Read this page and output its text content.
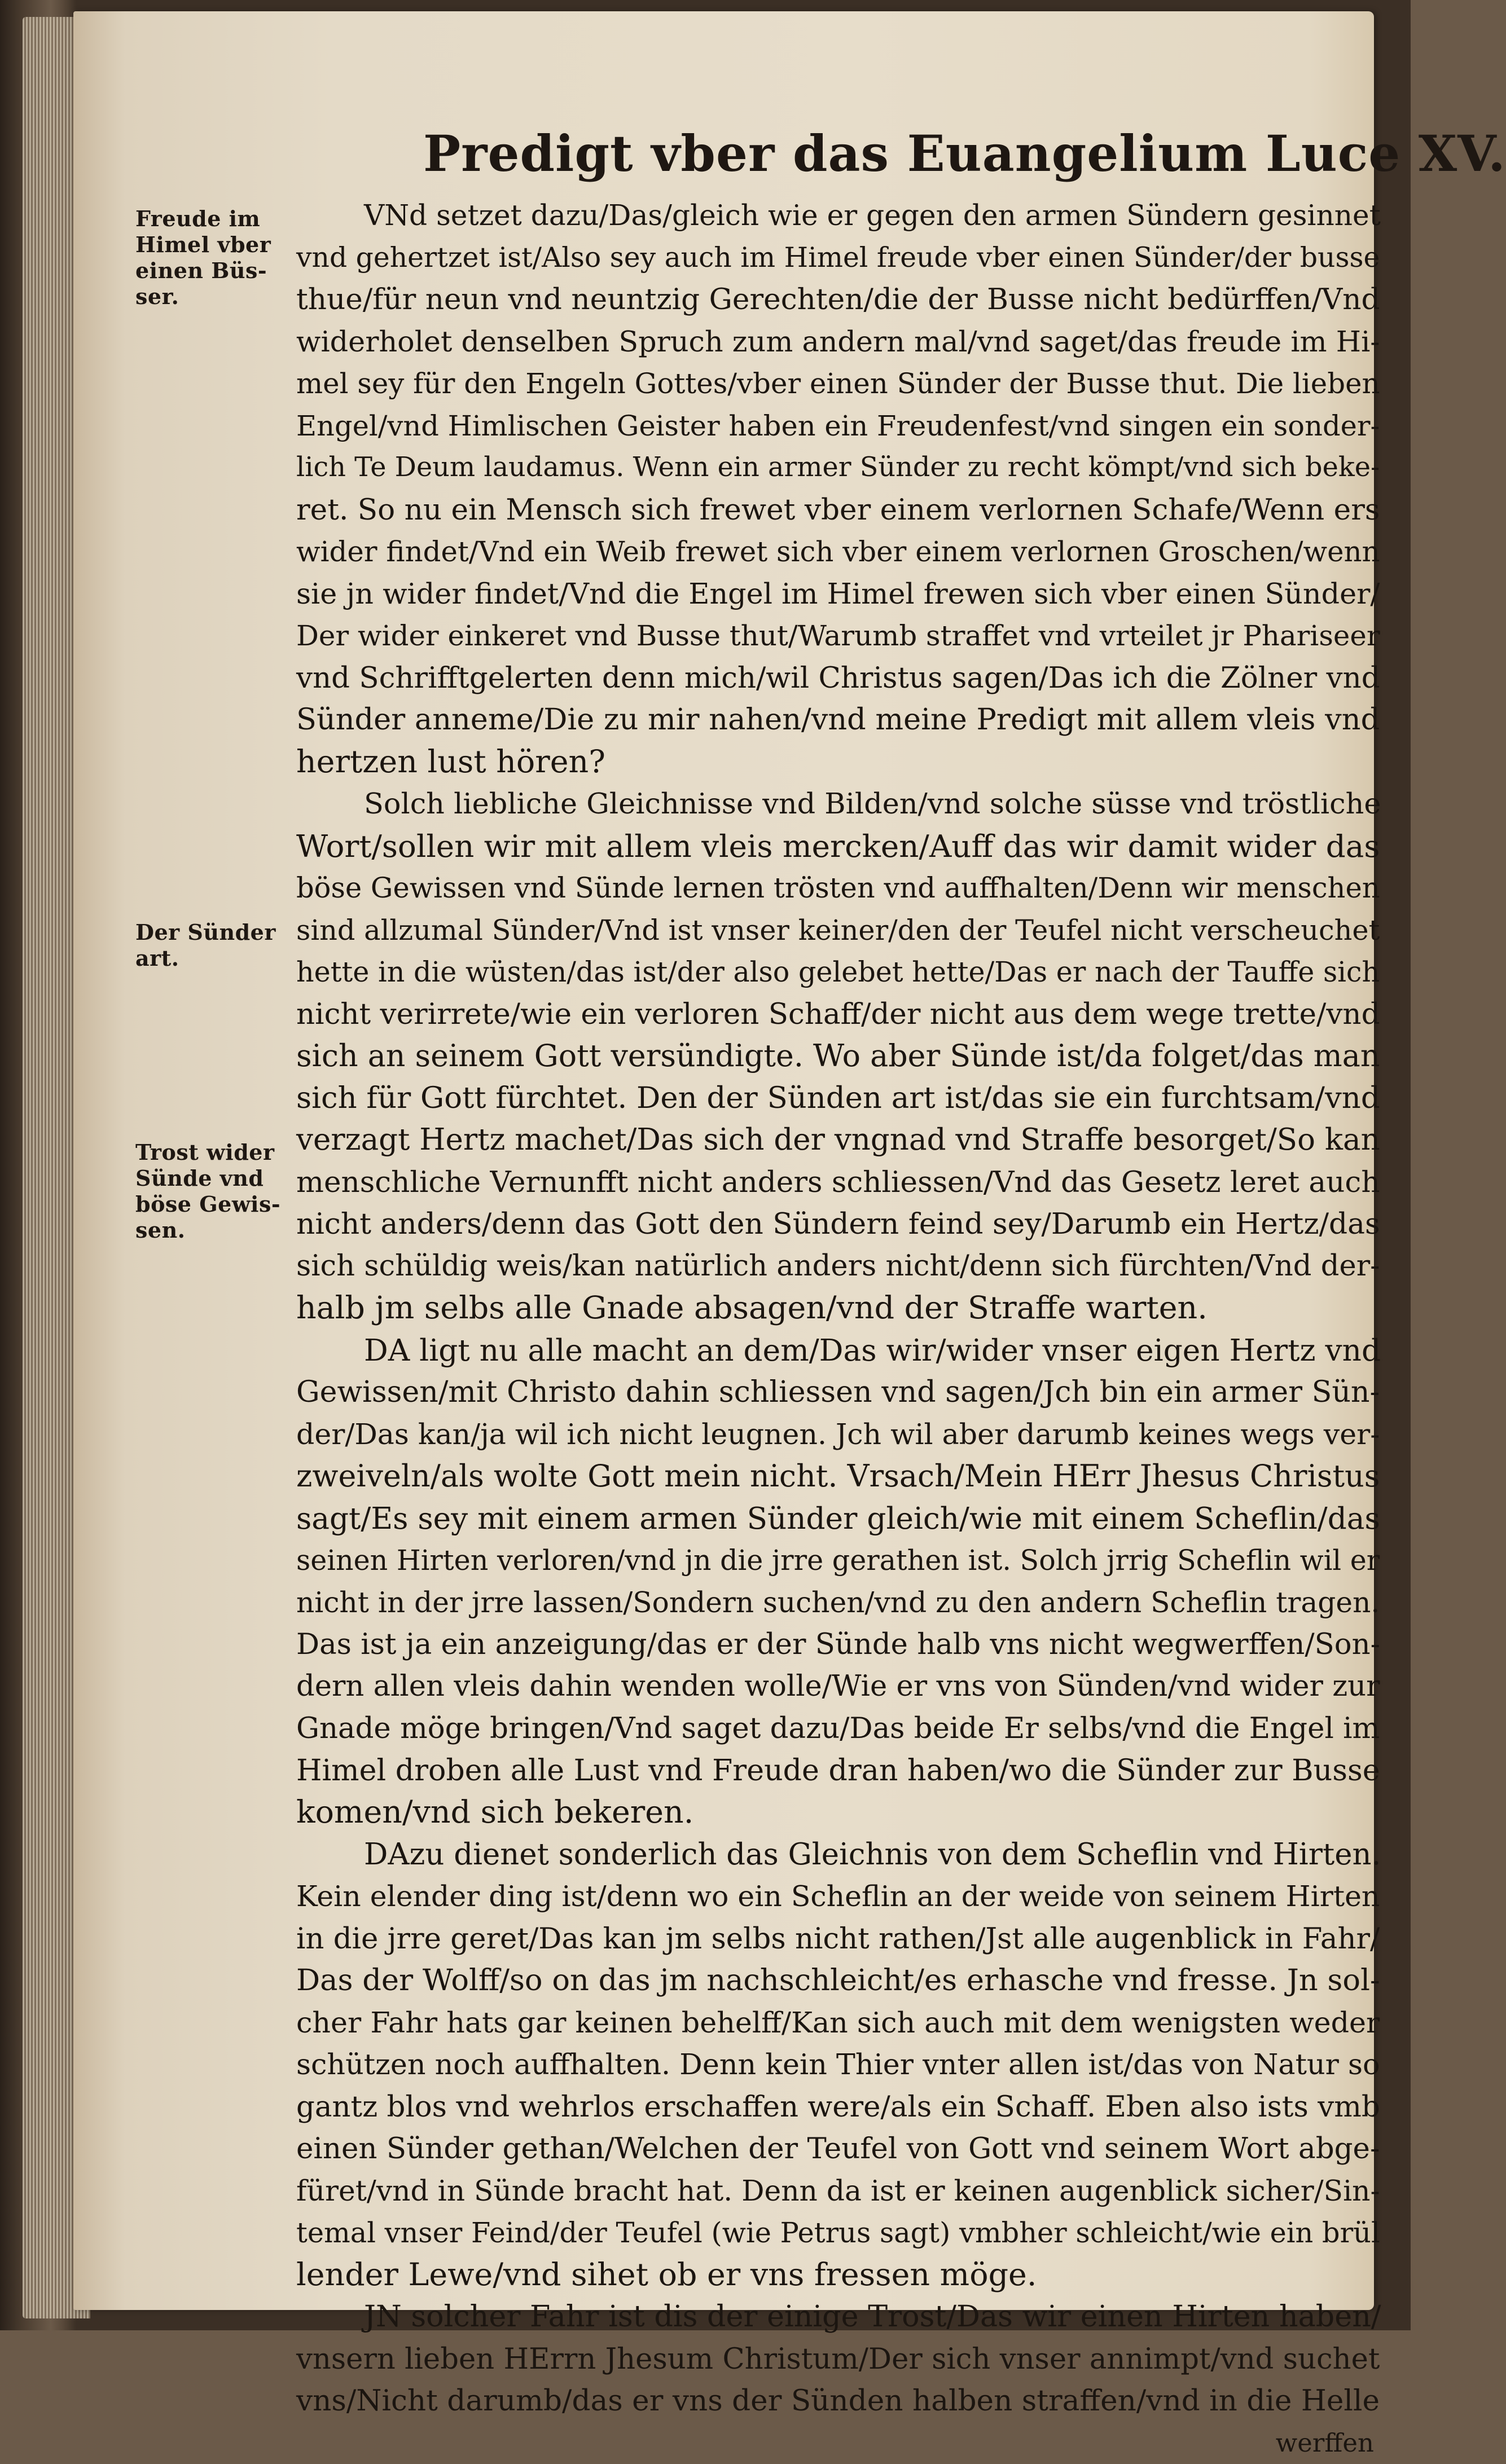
Predigt vber das Euangelium Luce XV.
Freude im
Himel vber
einen Büs-
ser.
Der Sünder
art.
Trost wider
Sünde vnd
böse Gewis-
sen.
VNd setzet dazu/Das/gleich wie er gegen den armen Sündern gesinnet
vnd gehertzet ist/Also sey auch im Himel freude vber einen Sünder/der busse
thue/für neun vnd neuntzig Gerechten/die der Busse nicht bedürffen/Vnd
widerholet denselben Spruch zum andern mal/vnd saget/das freude im Hi-
mel sey für den Engeln Gottes/vber einen Sünder der Busse thut. Die lieben
Engel/vnd Himlischen Geister haben ein Freudenfest/vnd singen ein sonder-
lich Te Deum laudamus. Wenn ein armer Sünder zu recht kömpt/vnd sich beke-
ret. So nu ein Mensch sich frewet vber einem verlornen Schafe/Wenn ers
wider findet/Vnd ein Weib frewet sich vber einem verlornen Groschen/wenn
sie jn wider findet/Vnd die Engel im Himel frewen sich vber einen Sünder/
Der wider einkeret vnd Busse thut/Warumb straffet vnd vrteilet jr Phariseer
vnd Schrifftgelerten denn mich/wil Christus sagen/Das ich die Zölner vnd
Sünder anneme/Die zu mir nahen/vnd meine Predigt mit allem vleis vnd
hertzen lust hören?
Solch liebliche Gleichnisse vnd Bilden/vnd solche süsse vnd tröstliche
Wort/sollen wir mit allem vleis mercken/Auff das wir damit wider das
böse Gewissen vnd Sünde lernen trösten vnd auffhalten/Denn wir menschen
sind allzumal Sünder/Vnd ist vnser keiner/den der Teufel nicht verscheuchet
hette in die wüsten/das ist/der also gelebet hette/Das er nach der Tauffe sich
nicht verirrete/wie ein verloren Schaff/der nicht aus dem wege trette/vnd
sich an seinem Gott versündigte. Wo aber Sünde ist/da folget/das man
sich für Gott fürchtet. Den der Sünden art ist/das sie ein furchtsam/vnd
verzagt Hertz machet/Das sich der vngnad vnd Straffe besorget/So kan
menschliche Vernunfft nicht anders schliessen/Vnd das Gesetz leret auch
nicht anders/denn das Gott den Sündern feind sey/Darumb ein Hertz/das
sich schüldig weis/kan natürlich anders nicht/denn sich fürchten/Vnd der-
halb jm selbs alle Gnade absagen/vnd der Straffe warten.
DA ligt nu alle macht an dem/Das wir/wider vnser eigen Hertz vnd
Gewissen/mit Christo dahin schliessen vnd sagen/Jch bin ein armer Sün-
der/Das kan/ja wil ich nicht leugnen. Jch wil aber darumb keines wegs ver-
zweiveln/als wolte Gott mein nicht. Vrsach/Mein HErr Jhesus Christus
sagt/Es sey mit einem armen Sünder gleich/wie mit einem Scheflin/das
seinen Hirten verloren/vnd jn die jrre gerathen ist. Solch jrrig Scheflin wil er
nicht in der jrre lassen/Sondern suchen/vnd zu den andern Scheflin tragen.
Das ist ja ein anzeigung/das er der Sünde halb vns nicht wegwerffen/Son-
dern allen vleis dahin wenden wolle/Wie er vns von Sünden/vnd wider zur
Gnade möge bringen/Vnd saget dazu/Das beide Er selbs/vnd die Engel im
Himel droben alle Lust vnd Freude dran haben/wo die Sünder zur Busse
komen/vnd sich bekeren.
DAzu dienet sonderlich das Gleichnis von dem Scheflin vnd Hirten.
Kein elender ding ist/denn wo ein Scheflin an der weide von seinem Hirten
in die jrre geret/Das kan jm selbs nicht rathen/Jst alle augenblick in Fahr/
Das der Wolff/so on das jm nachschleicht/es erhasche vnd fresse. Jn sol-
cher Fahr hats gar keinen behelff/Kan sich auch mit dem wenigsten weder
schützen noch auffhalten. Denn kein Thier vnter allen ist/das von Natur so
gantz blos vnd wehrlos erschaffen were/als ein Schaff. Eben also ists vmb
einen Sünder gethan/Welchen der Teufel von Gott vnd seinem Wort abge-
füret/vnd in Sünde bracht hat. Denn da ist er keinen augenblick sicher/Sin-
temal vnser Feind/der Teufel (wie Petrus sagt) vmbher schleicht/wie ein brül
lender Lewe/vnd sihet ob er vns fressen möge.
JN solcher Fahr ist dis der einige Trost/Das wir einen Hirten haben/
vnsern lieben HErrn Jhesum Christum/Der sich vnser annimpt/vnd suchet
vns/Nicht darumb/das er vns der Sünden halben straffen/vnd in die Helle
werffen
